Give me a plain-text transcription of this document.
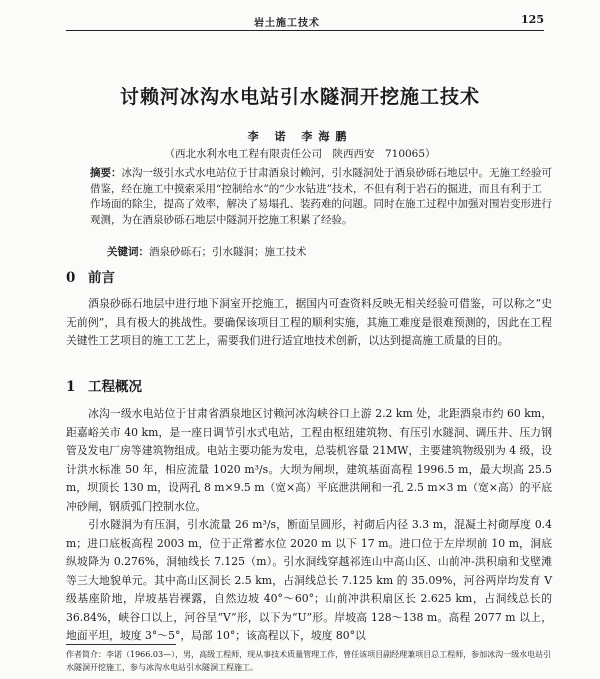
岩土施工技术	125
讨赖河冰沟水电站引水隧洞开挖施工技术
李 诺 李海鹏
（西北水利水电工程有限责任公司　陕西西安　710065）
摘要：冰沟一级引水式水电站位于甘肃酒泉讨赖河，引水隧洞处于酒泉砂砾石地层中。无施工经验可借鉴，经在施工中摸索采用“控制给水”的“少水钻进”技术，不但有利于岩石的掘进，而且有利于工作场面的除尘，提高了效率，解决了易塌孔、装药难的问题。同时在施工过程中加强对围岩变形进行观测，为在酒泉砂砾石地层中隧洞开挖施工积累了经验。
关键词：酒泉砂砾石；引水隧洞；施工技术
0 前言
酒泉砂砾石地层中进行地下洞室开挖施工，据国内可查资料反映无相关经验可借鉴，可以称之“史无前例”，具有极大的挑战性。要确保该项目工程的顺利实施，其施工难度是很难预测的，因此在工程关键性工艺项目的施工工艺上，需要我们进行适宜地技术创新，以达到提高施工质量的目的。
1 工程概况
冰沟一级水电站位于甘肃省酒泉地区讨赖河冰沟峡谷口上游 2.2 km 处，北距酒泉市约 60 km，距嘉峪关市 40 km，是一座日调节引水式电站，工程由枢纽建筑物、有压引水隧洞、调压井、压力钢管及发电厂房等建筑物组成。电站主要功能为发电，总装机容量 21MW，主要建筑物级别为 4 级，设计洪水标准 50 年，相应流量 1020 m³/s。大坝为闸坝，建筑基面高程 1996.5 m，最大坝高 25.5 m，坝顶长 130 m，设两孔 8 m×9.5 m（宽×高）平底泄洪闸和一孔 2.5 m×3 m（宽×高）的平底冲砂闸，钢质弧门控制水位。
引水隧洞为有压洞，引水流量 26 m³/s，断面呈圆形，衬砌后内径 3.3 m，混凝土衬砌厚度 0.4 m；进口底板高程 2003 m，位于正常蓄水位 2020 m 以下 17 m。进口位于左岸坝前 10 m，洞底纵坡降为 0.276%，洞轴线长 7.125（m）。引水洞线穿越祁连山中高山区、山前冲-洪积扇和戈壁滩等三大地貌单元。其中高山区洞长 2.5 km，占洞线总长 7.125 km 的 35.09%，河谷两岸均发育 V 级基座阶地，岸坡基岩裸露，自然边坡 40°～60°；山前冲洪积扇区长 2.625 km，占洞线总长的 36.84%，峡谷口以上，河谷呈“V”形，以下为“U”形。岸坡高 128～138 m。高程 2077 m 以上，地面平坦，坡度 3°～5°，局部 10°；该高程以下，坡度 80°以
作者简介：李诺（1966.03—），男，高级工程师，现从事技术质量管理工作，曾任该项目副经理兼项目总工程师，参加冰沟一级水电站引水隧洞开挖施工，参与冰沟水电站引水隧洞工程施工。
